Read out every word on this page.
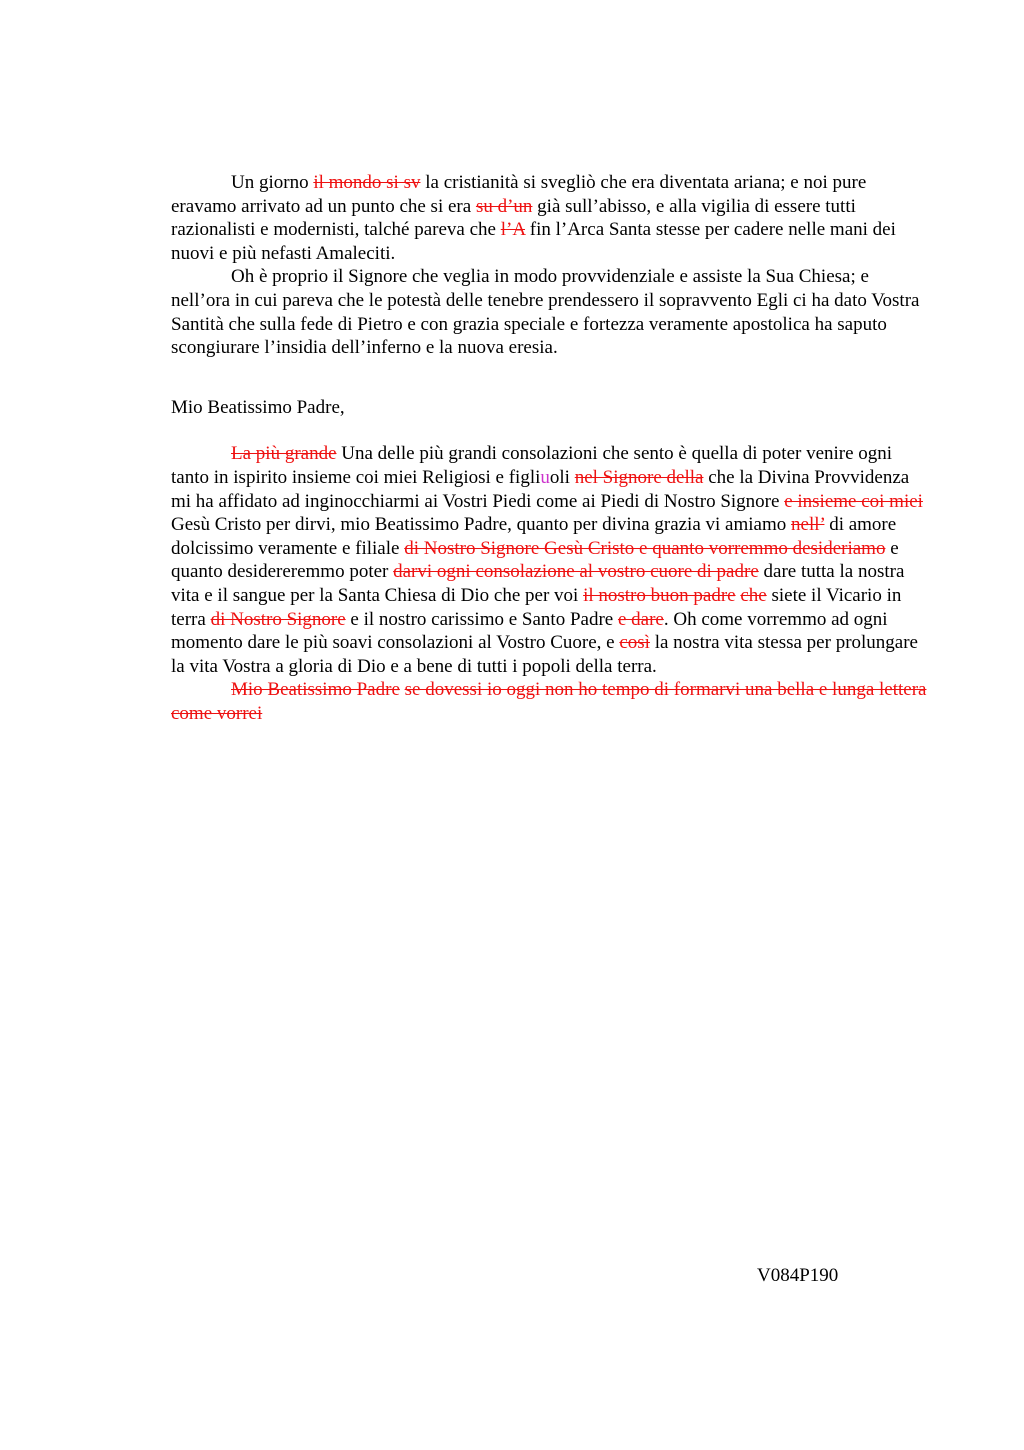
Un giorno il mondo si sv la cristianità si svegliò che era diventata ariana; e noi pure eravamo arrivato ad un punto che si era su d’un già sull’abisso, e alla vigilia di essere tutti razionalisti e modernisti, talché pareva che l’A fin l’Arca Santa stesse per cadere nelle mani dei nuovi e più nefasti Amaleciti.

Oh è proprio il Signore che veglia in modo provvidenziale e assiste la Sua Chiesa; e nell’ora in cui pareva che le potestà delle tenebre prendessero il sopravvento Egli ci ha dato Vostra Santità che sulla fede di Pietro e con grazia speciale e fortezza veramente apostolica ha saputo scongiurare l’insidia dell’inferno e la nuova eresia.

Mio Beatissimo Padre,

La più grande Una delle più grandi consolazioni che sento è quella di poter venire ogni tanto in ispirito insieme coi miei Religiosi e figliuoli nel Signore della che la Divina Provvidenza mi ha affidato ad inginocchiarmi ai Vostri Piedi come ai Piedi di Nostro Signore e insieme coi miei Gesù Cristo per dirvi, mio Beatissimo Padre, quanto per divina grazia vi amiamo nell’ di amore dolcissimo veramente e filiale di Nostro Signore Gesù Cristo e quanto vorremmo desideriamo e quanto desidereremmo poter darvi ogni consolazione al vostro cuore di padre dare tutta la nostra vita e il sangue per la Santa Chiesa di Dio che per voi il nostro buon padre che siete il Vicario in terra di Nostro Signore e il nostro carissimo e Santo Padre e dare. Oh come vorremmo ad ogni momento dare le più soavi consolazioni al Vostro Cuore, e così la nostra vita stessa per prolungare la vita Vostra a gloria di Dio e a bene di tutti i popoli della terra.

Mio Beatissimo Padre se dovessi io oggi non ho tempo di formarvi una bella e lunga lettera come vorrei

V084P190
